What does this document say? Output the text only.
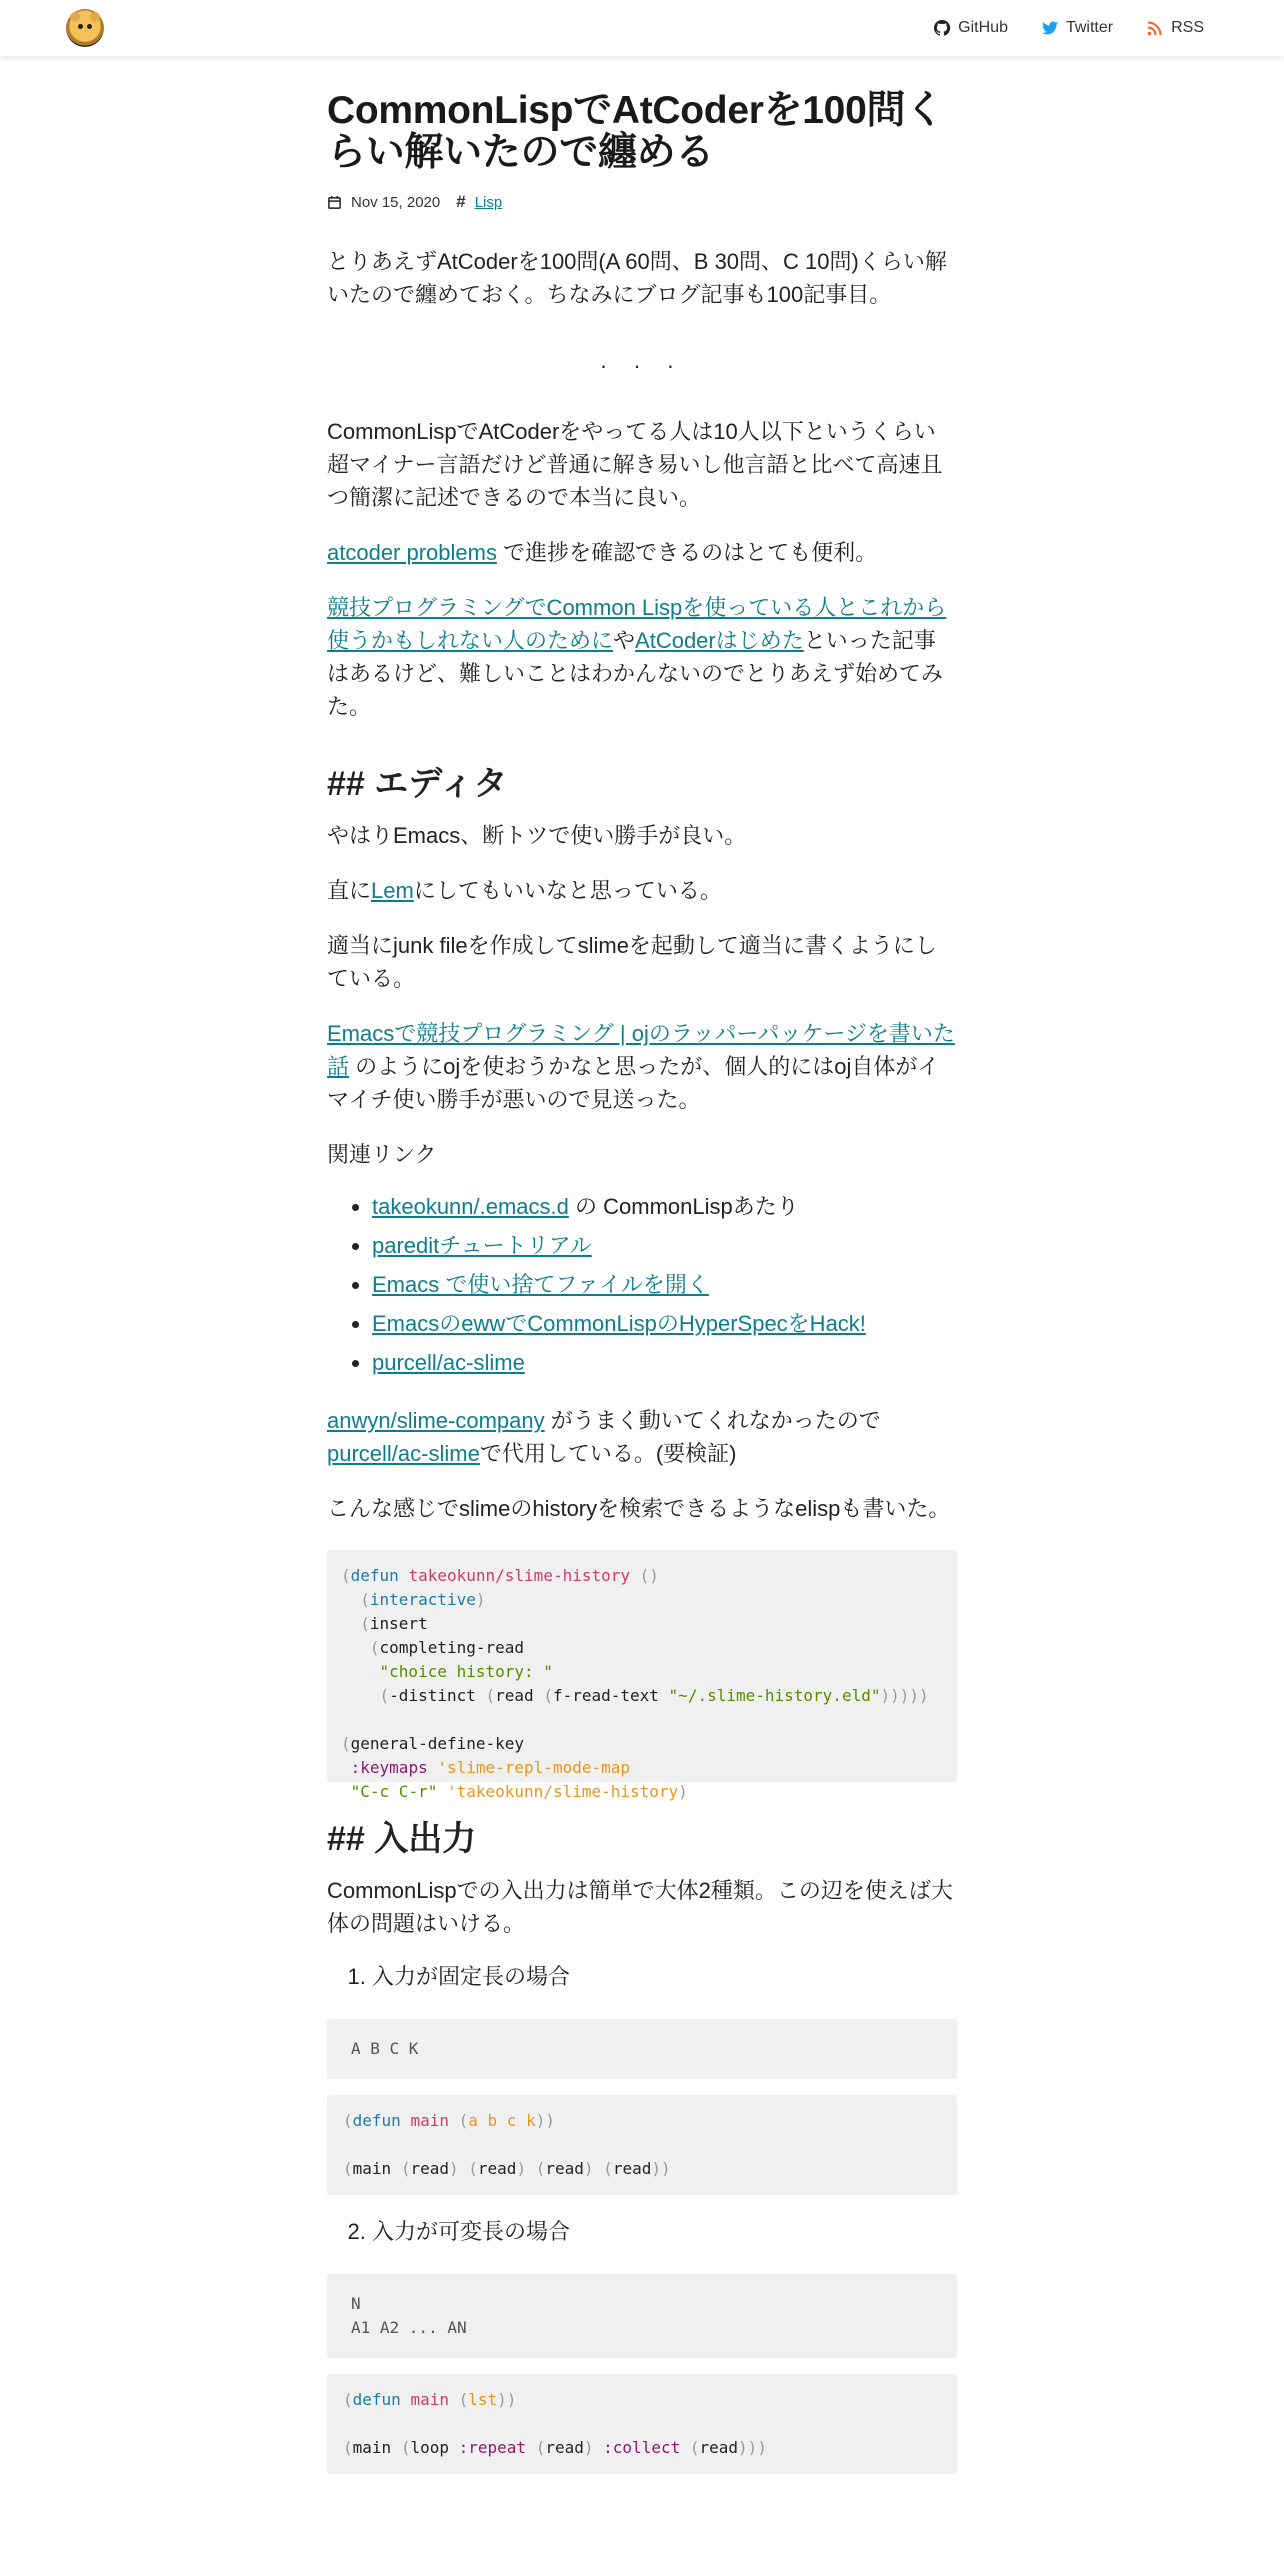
GitHub	Twitter	RSS
CommonLispでAtCoderを100問くらい解いたので纏める
Nov 15, 2020 # Lisp

とりあえずAtCoderを100問(A 60問、B 30問、C 10問)くらい解いたので纏めておく。ちなみにブログ記事も100記事目。

· · ·

CommonLispでAtCoderをやってる人は10人以下というくらい超マイナー言語だけど普通に解き易いし他言語と比べて高速且つ簡潔に記述できるので本当に良い。

atcoder problems で進捗を確認できるのはとても便利。

競技プログラミングでCommon Lispを使っている人とこれから使うかもしれない人のためにやAtCoderはじめたといった記事はあるけど、難しいことはわかんないのでとりあえず始めてみた。

## エディタ

やはりEmacs、断トツで使い勝手が良い。

直にLemにしてもいいなと思っている。

適当にjunk fileを作成してslimeを起動して適当に書くようにしている。

Emacsで競技プログラミング | ojのラッパーパッケージを書いた話 のようにojを使おうかなと思ったが、個人的にはoj自体がイマイチ使い勝手が悪いので見送った。

関連リンク

• takeokunn/.emacs.d の CommonLispあたり
• pareditチュートリアル
• Emacs で使い捨てファイルを開く
• EmacsのewwでCommonLispのHyperSpecをHack!
• purcell/ac-slime

anwyn/slime-company がうまく動いてくれなかったので
purcell/ac-slimeで代用している。(要検証)

こんな感じでslimeのhistoryを検索できるようなelispも書いた。

(defun takeokunn/slime-history ()
(interactive)
(insert
(completing-read
"choice history: "
(-distinct (read (f-read-text "~/.slime-history.eld")))))

(general-define-key
:keymaps 'slime-repl-mode-map
"C-c C-r" 'takeokunn/slime-history)
## 入出力

CommonLispでの入出力は簡単で大体2種類。この辺を使えば大体の問題はいける。

1. 入力が固定長の場合
A B C K
(defun main (a b c k))

(main (read) (read) (read) (read))
2. 入力が可変長の場合
N
A1 A2 ... AN
(defun main (lst))

(main (loop :repeat (read) :collect (read)))
